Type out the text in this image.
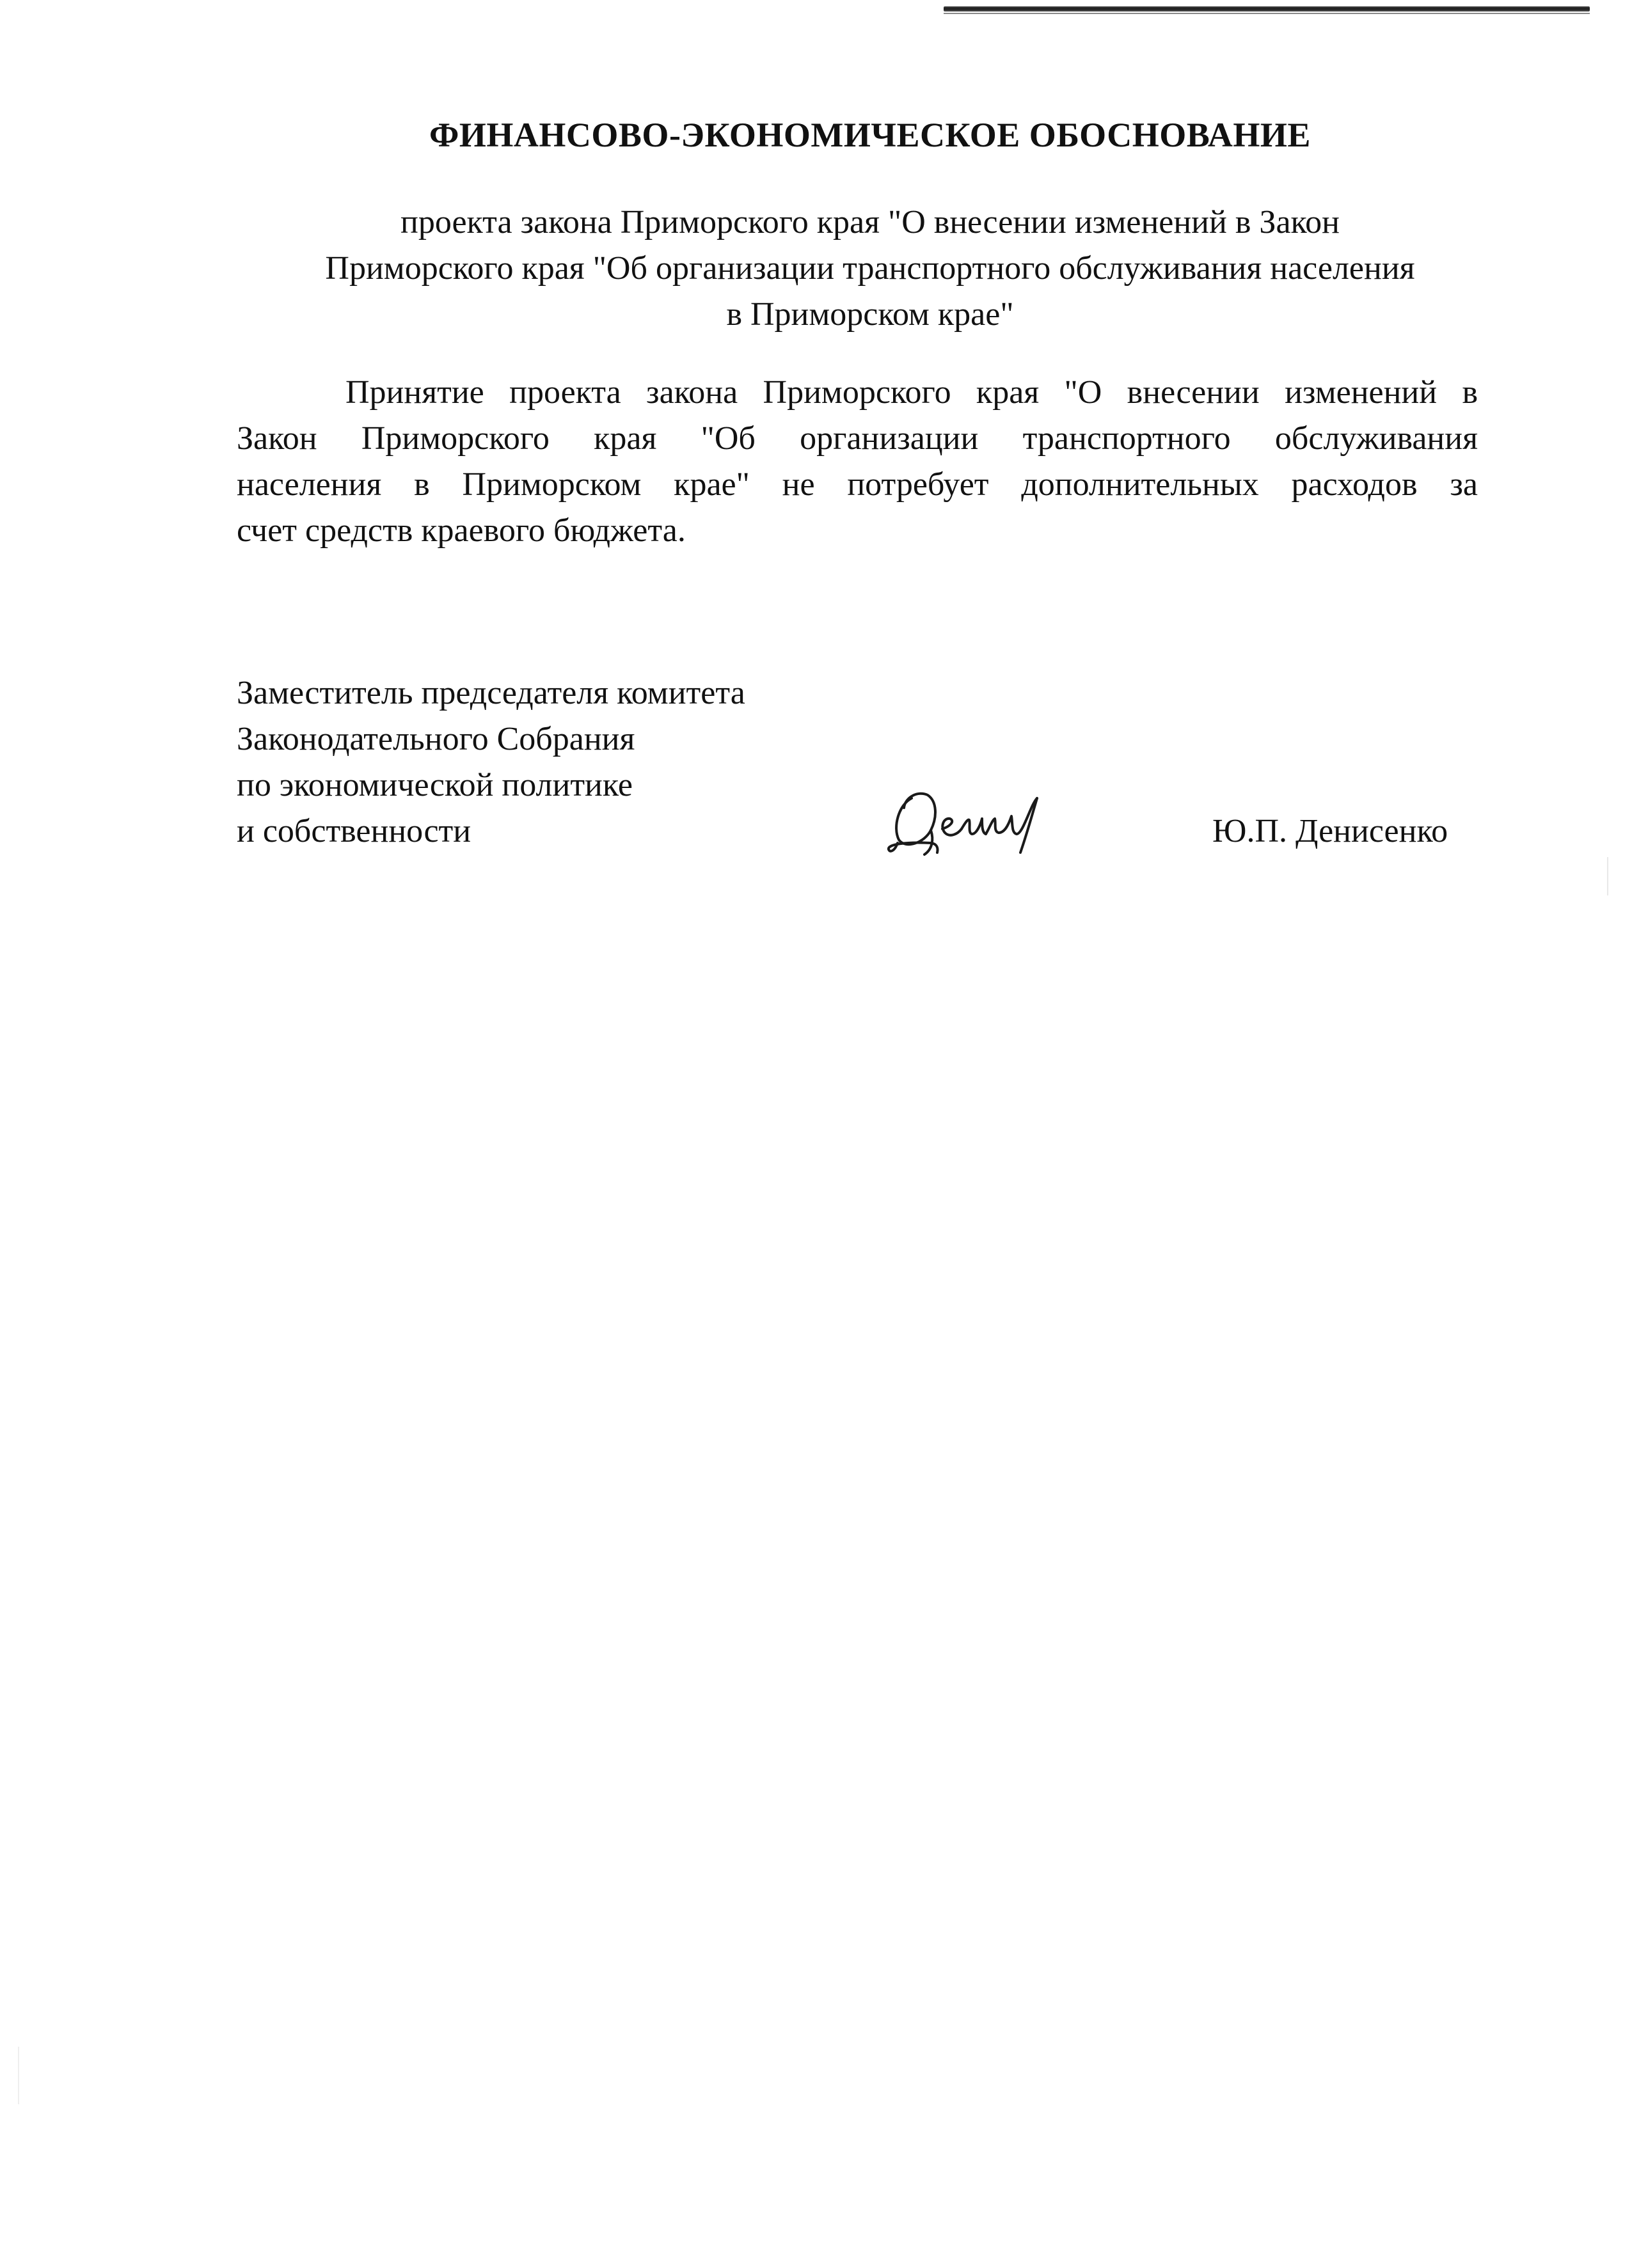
ФИНАНСОВО-ЭКОНОМИЧЕСКОЕ ОБОСНОВАНИЕ
проекта закона Приморского края "О внесении изменений в Закон
Приморского края "Об организации транспортного обслуживания населения
в Приморском крае"
Принятие проекта закона Приморского края "О внесении изменений в
Закон Приморского края "Об организации транспортного обслуживания
населения в Приморском крае" не потребует дополнительных расходов за
счет средств краевого бюджета.
Заместитель председателя комитета
Законодательного Собрания
по экономической политике
и собственности	Ю.П. Денисенко
